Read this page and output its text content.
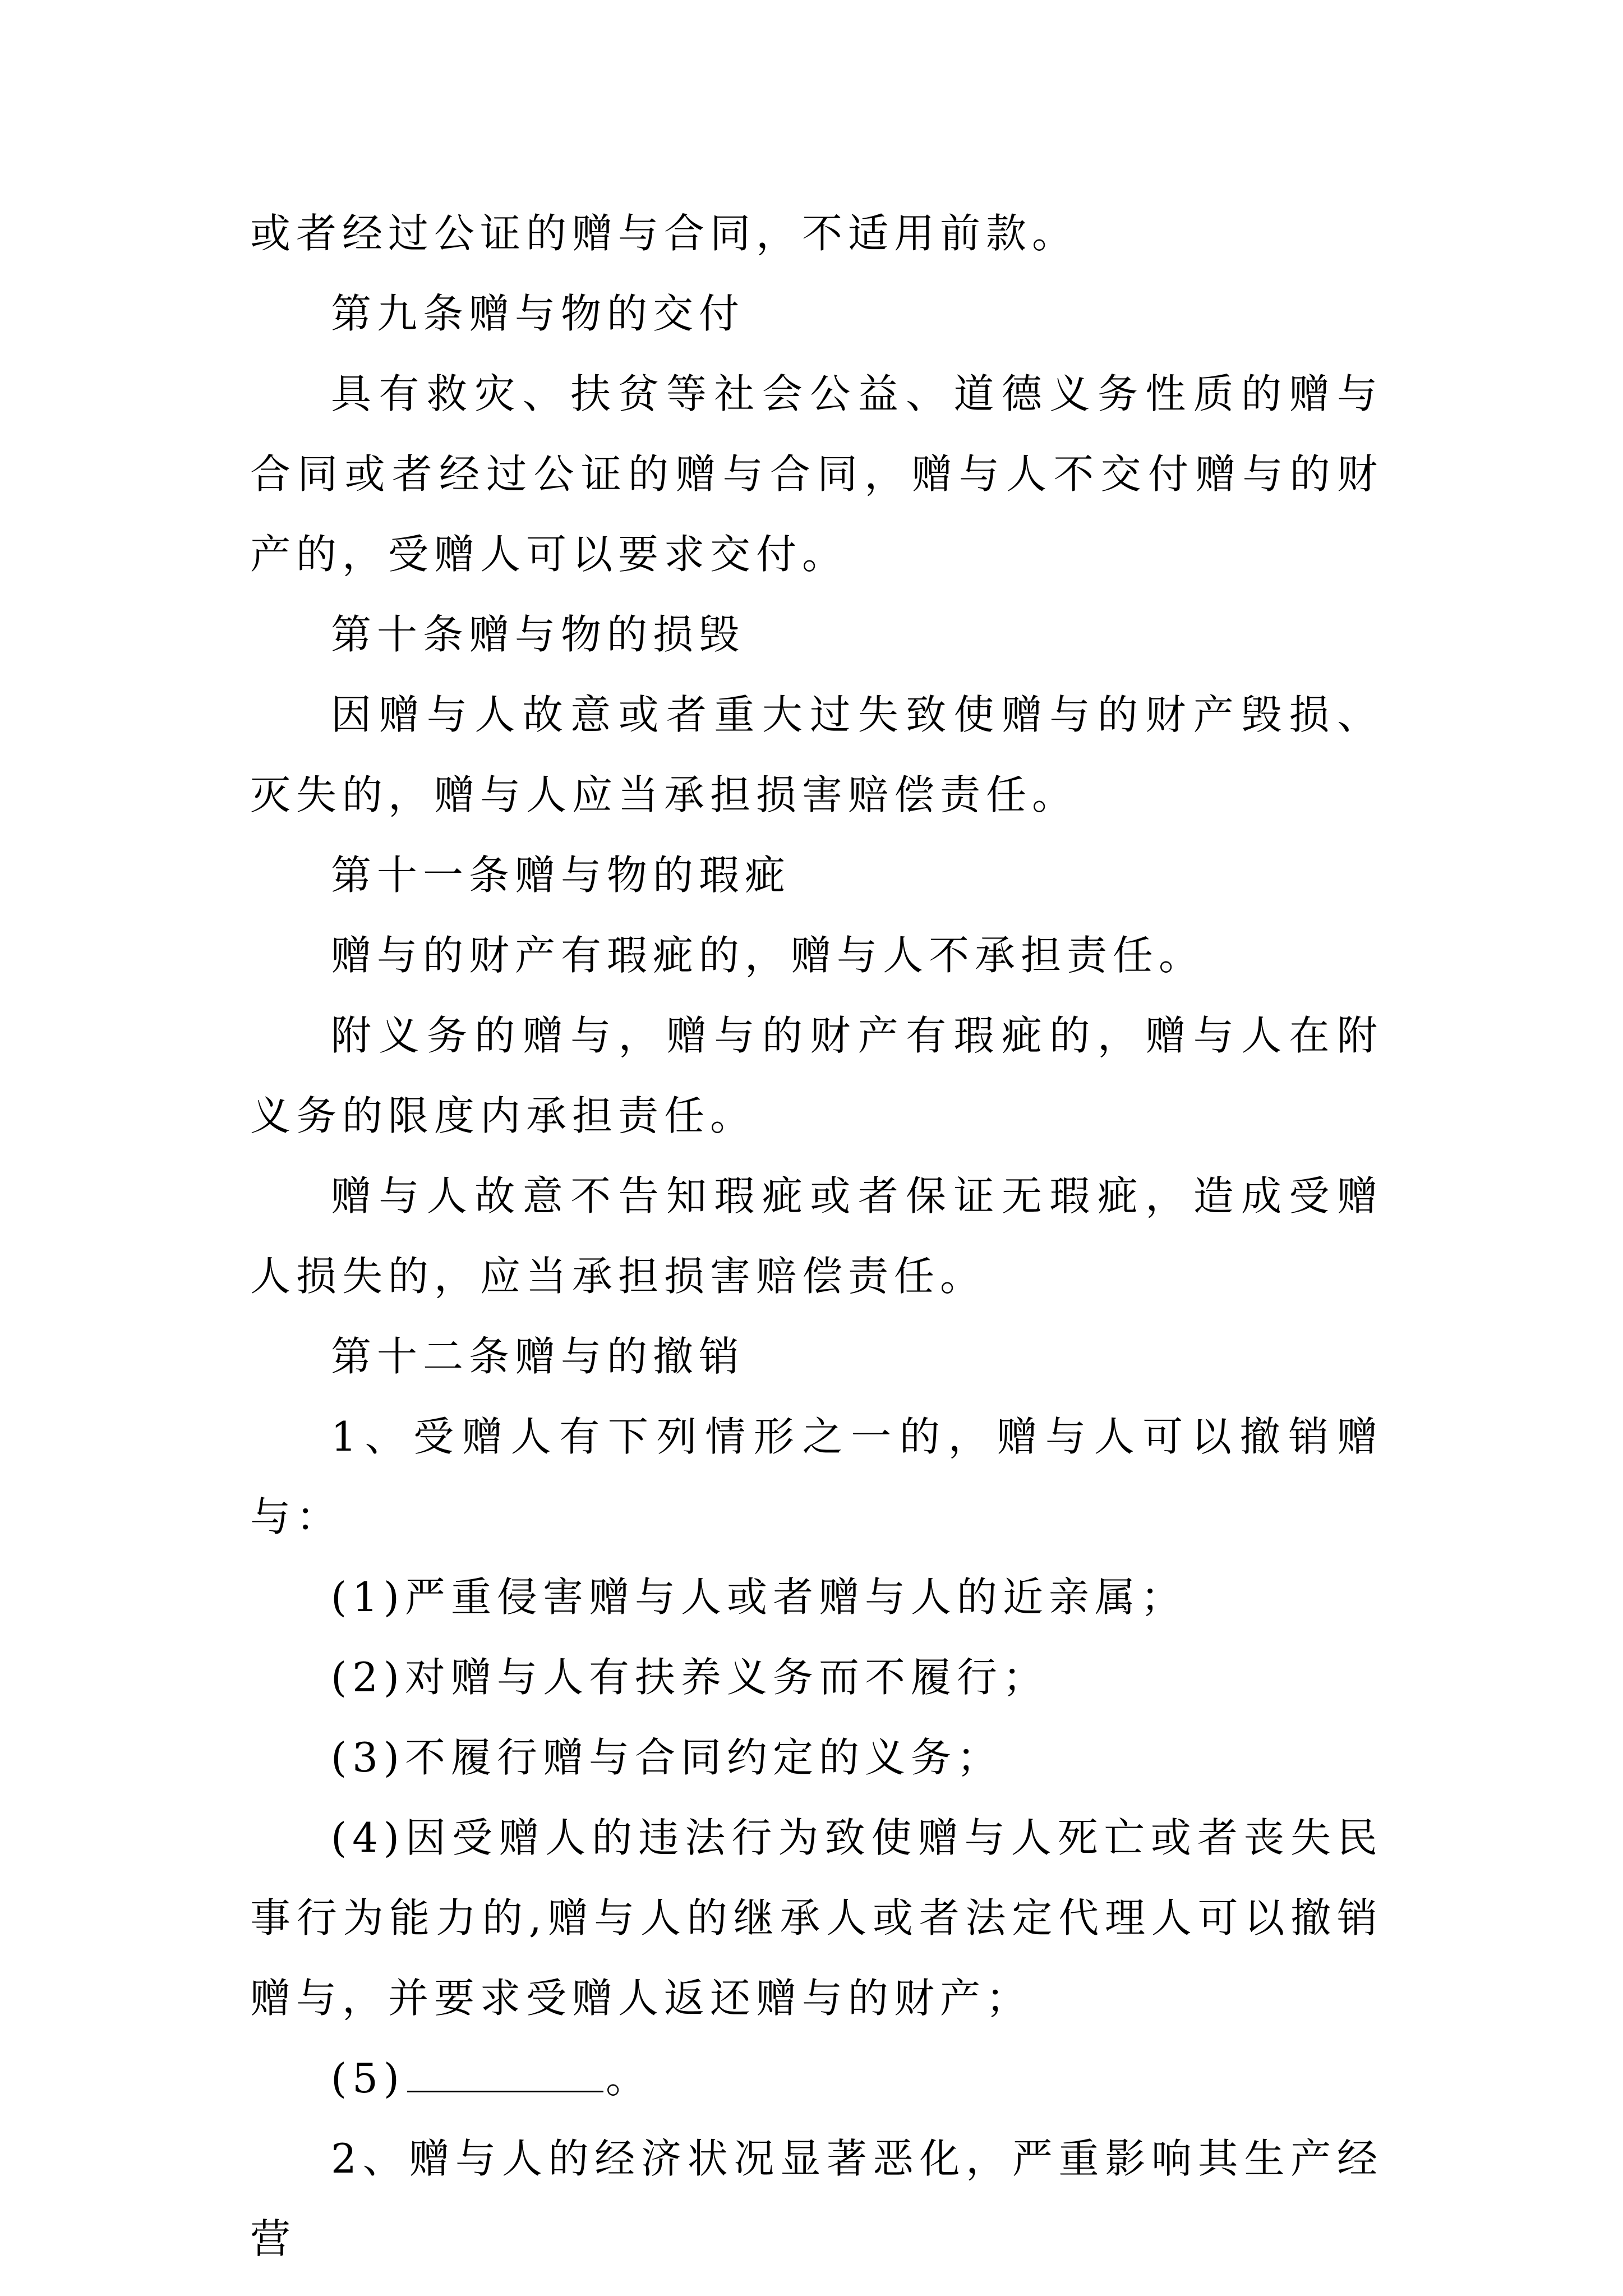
或者经过公证的赠与合同，不适用前款。

第九条赠与物的交付

具有救灾、扶贫等社会公益、道德义务性质的赠与合同或者经过公证的赠与合同，赠与人不交付赠与的财产的，受赠人可以要求交付。

第十条赠与物的损毁

因赠与人故意或者重大过失致使赠与的财产毁损、灭失的，赠与人应当承担损害赔偿责任。

第十一条赠与物的瑕疵

赠与的财产有瑕疵的，赠与人不承担责任。

附义务的赠与，赠与的财产有瑕疵的，赠与人在附义务的限度内承担责任。

赠与人故意不告知瑕疵或者保证无瑕疵，造成受赠人损失的，应当承担损害赔偿责任。

第十二条赠与的撤销

1、受赠人有下列情形之一的，赠与人可以撤销赠与：

(1)严重侵害赠与人或者赠与人的近亲属；

(2)对赠与人有扶养义务而不履行；

(3)不履行赠与合同约定的义务；

(4)因受赠人的违法行为致使赠与人死亡或者丧失民事行为能力的,赠与人的继承人或者法定代理人可以撤销赠与，并要求受赠人返还赠与的财产；

(5)	。

2、赠与人的经济状况显著恶化，严重影响其生产经营
